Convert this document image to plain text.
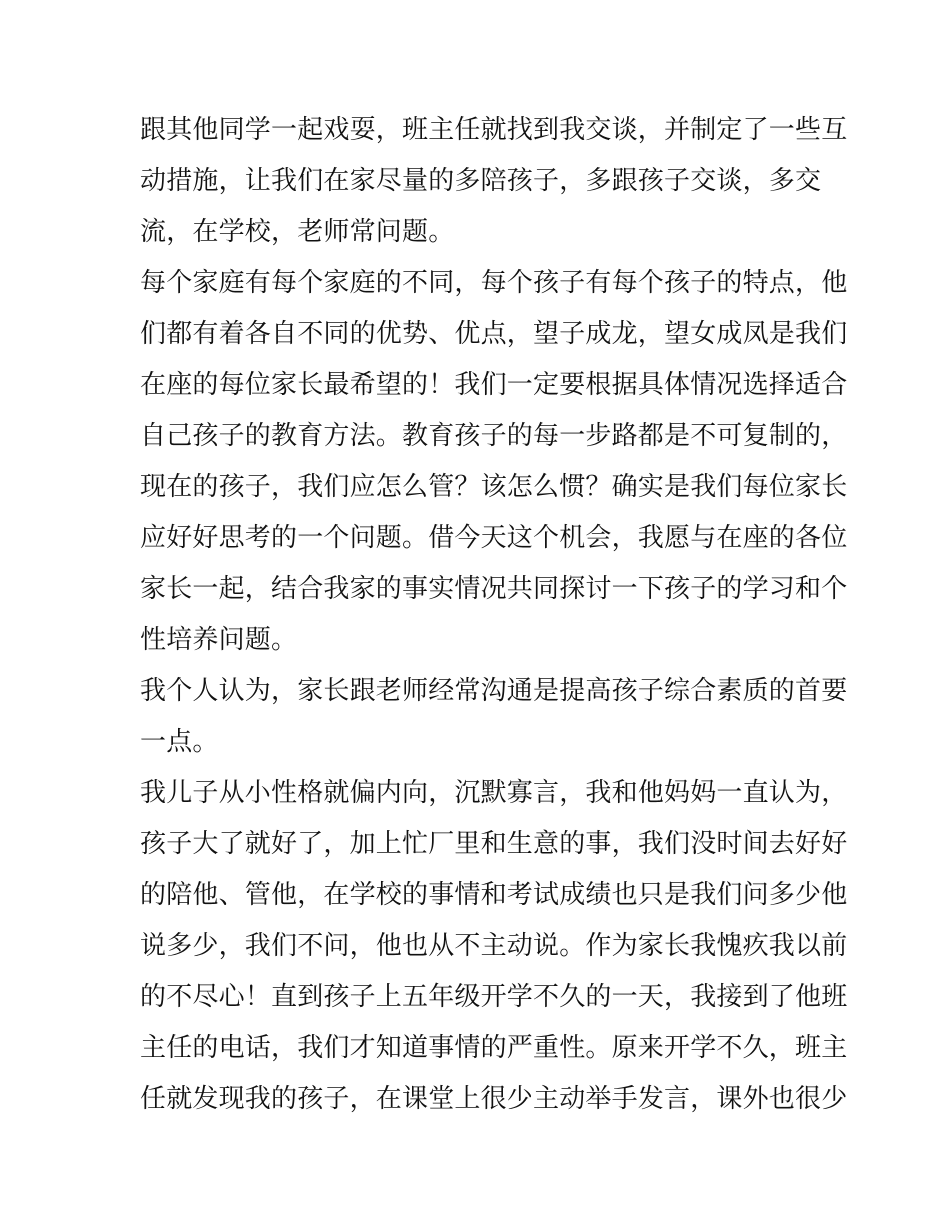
跟其他同学一起戏耍，班主任就找到我交谈，并制定了一些互
动措施，让我们在家尽量的多陪孩子，多跟孩子交谈，多交
流，在学校，老师常问题。
每个家庭有每个家庭的不同，每个孩子有每个孩子的特点，他
们都有着各自不同的优势、优点，望子成龙，望女成凤是我们
在座的每位家长最希望的！我们一定要根据具体情况选择适合
自己孩子的教育方法。教育孩子的每一步路都是不可复制的，
现在的孩子，我们应怎么管？该怎么惯？确实是我们每位家长
应好好思考的一个问题。借今天这个机会，我愿与在座的各位
家长一起，结合我家的事实情况共同探讨一下孩子的学习和个
性培养问题。
我个人认为，家长跟老师经常沟通是提高孩子综合素质的首要
一点。
我儿子从小性格就偏内向，沉默寡言，我和他妈妈一直认为，
孩子大了就好了，加上忙厂里和生意的事，我们没时间去好好
的陪他、管他，在学校的事情和考试成绩也只是我们问多少他
说多少，我们不问，他也从不主动说。作为家长我愧疚我以前
的不尽心！直到孩子上五年级开学不久的一天，我接到了他班
主任的电话，我们才知道事情的严重性。原来开学不久，班主
任就发现我的孩子，在课堂上很少主动举手发言，课外也很少
